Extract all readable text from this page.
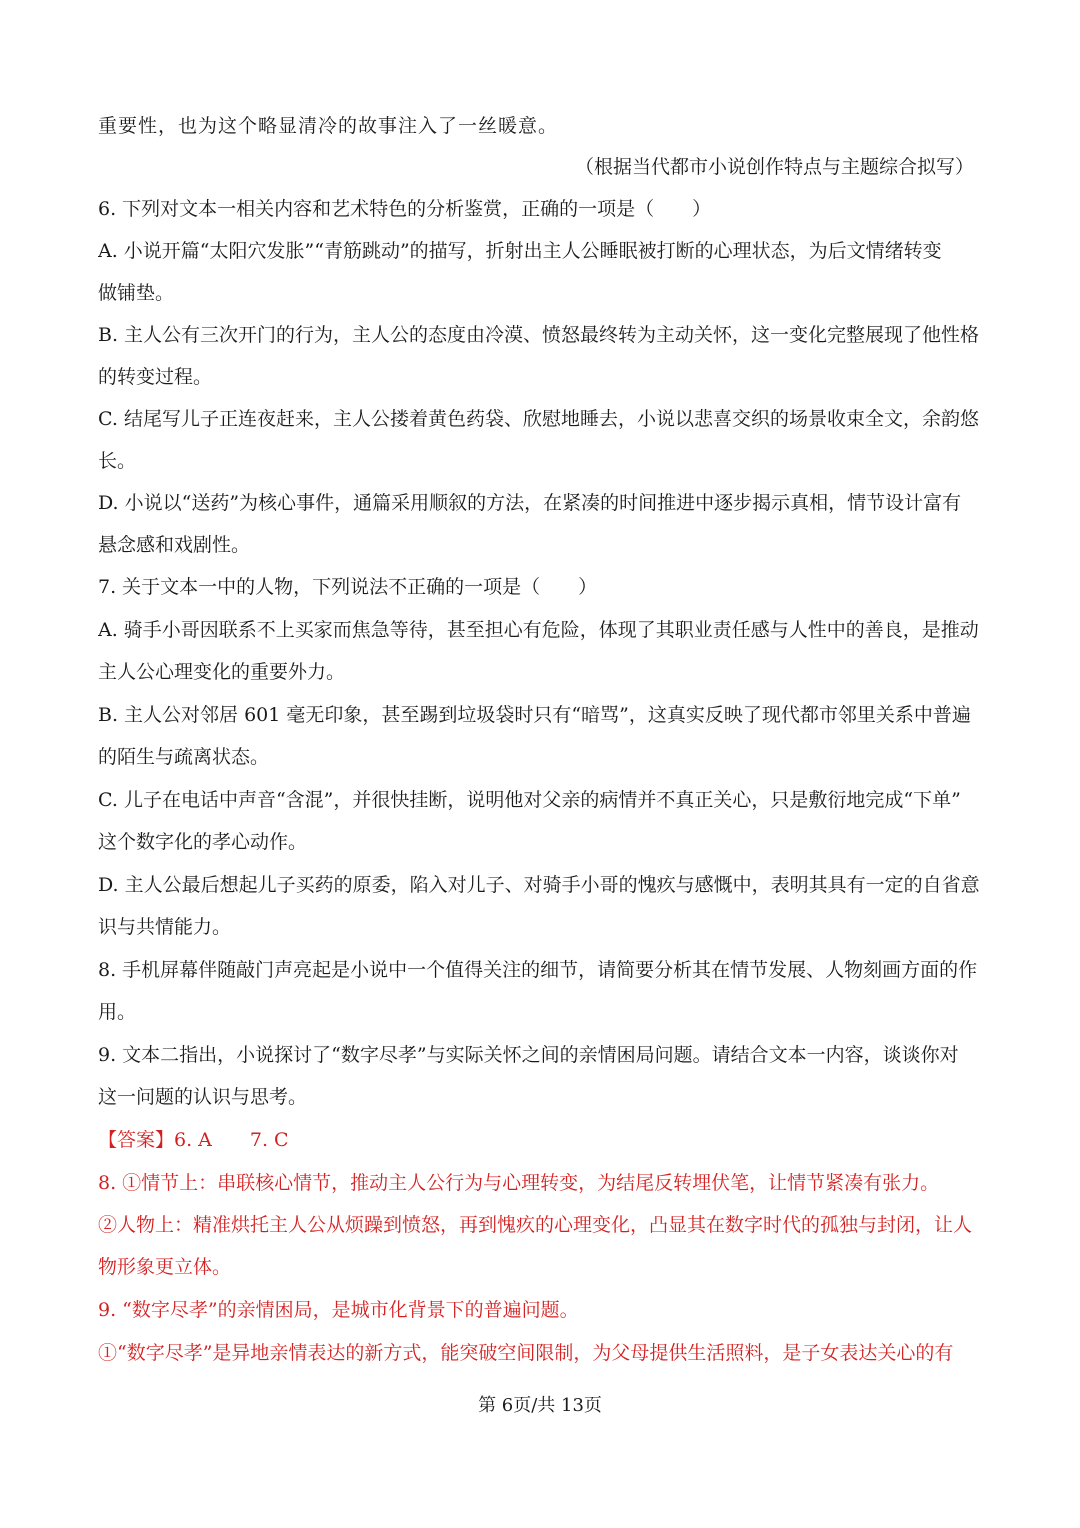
第 6页/共 13页
重要性，也为这个略显清冷的故事注入了一丝暖意。
（根据当代都市小说创作特点与主题综合拟写）
6. 下列对文本一相关内容和艺术特色的分析鉴赏，正确的一项是（　　）
A. 小说开篇“太阳穴发胀”“青筋跳动”的描写，折射出主人公睡眠被打断的心理状态，为后文情绪转变
做铺垫。
B. 主人公有三次开门的行为，主人公的态度由冷漠、愤怒最终转为主动关怀，这一变化完整展现了他性格
的转变过程。
C. 结尾写儿子正连夜赶来，主人公搂着黄色药袋、欣慰地睡去，小说以悲喜交织的场景收束全文，余韵悠
长。
D. 小说以“送药”为核心事件，通篇采用顺叙的方法，在紧凑的时间推进中逐步揭示真相，情节设计富有
悬念感和戏剧性。
7. 关于文本一中的人物，下列说法不正确的一项是（　　）
A. 骑手小哥因联系不上买家而焦急等待，甚至担心有危险，体现了其职业责任感与人性中的善良，是推动
主人公心理变化的重要外力。
B. 主人公对邻居 601 毫无印象，甚至踢到垃圾袋时只有“暗骂”，这真实反映了现代都市邻里关系中普遍
的陌生与疏离状态。
C. 儿子在电话中声音“含混”，并很快挂断，说明他对父亲的病情并不真正关心，只是敷衍地完成“下单”
这个数字化的孝心动作。
D. 主人公最后想起儿子买药的原委，陷入对儿子、对骑手小哥的愧疚与感慨中，表明其具有一定的自省意
识与共情能力。
8. 手机屏幕伴随敲门声亮起是小说中一个值得关注的细节，请简要分析其在情节发展、人物刻画方面的作
用。
9. 文本二指出，小说探讨了“数字尽孝”与实际关怀之间的亲情困局问题。请结合文本一内容，谈谈你对
这一问题的认识与思考。
【答案】6. A　　7. C
8. ①情节上：串联核心情节，推动主人公行为与心理转变，为结尾反转埋伏笔，让情节紧凑有张力。
②人物上：精准烘托主人公从烦躁到愤怒，再到愧疚的心理变化，凸显其在数字时代的孤独与封闭，让人
物形象更立体。
9. “数字尽孝”的亲情困局，是城市化背景下的普遍问题。
①“数字尽孝”是异地亲情表达的新方式，能突破空间限制，为父母提供生活照料，是子女表达关心的有
